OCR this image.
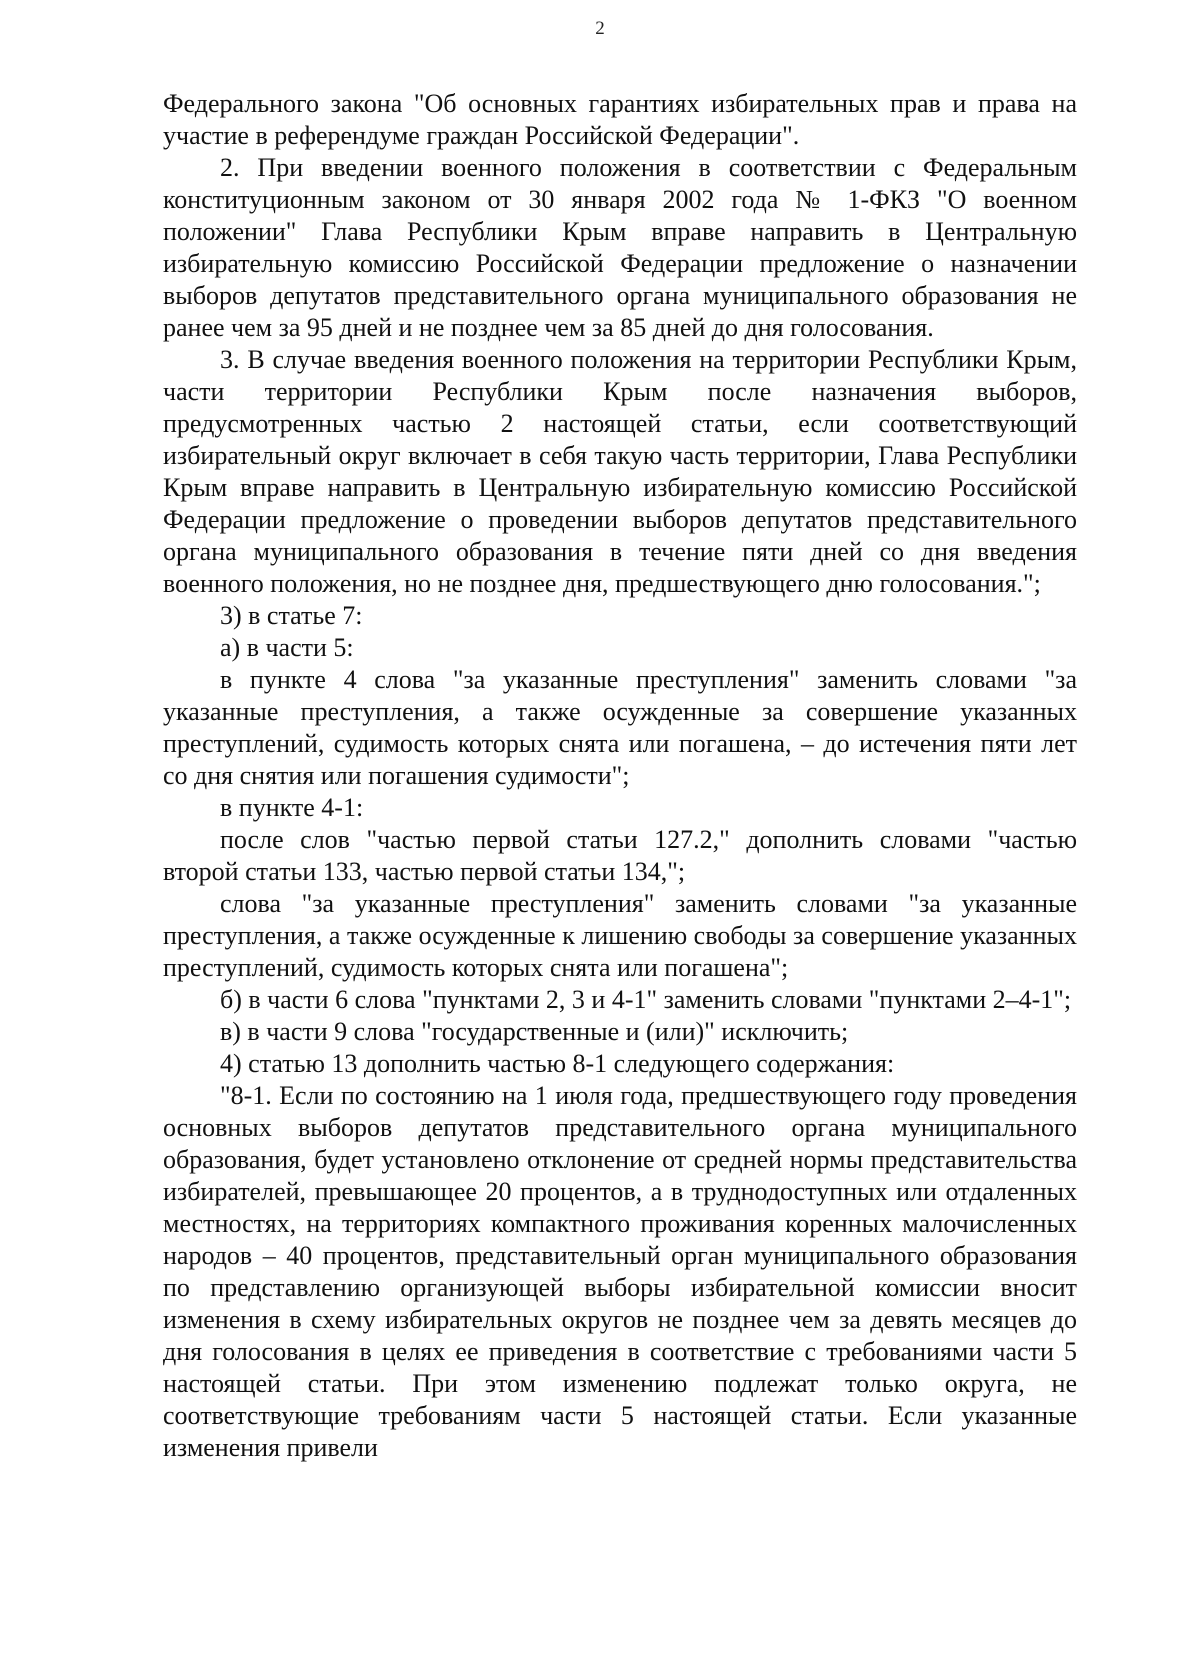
2

Федерального закона "Об основных гарантиях избирательных прав и права на участие в референдуме граждан Российской Федерации".

2. При введении военного положения в соответствии с Федеральным конституционным законом от 30 января 2002 года № 1-ФКЗ "О военном положении" Глава Республики Крым вправе направить в Центральную избирательную комиссию Российской Федерации предложение о назначении выборов депутатов представительного органа муниципального образования не ранее чем за 95 дней и не позднее чем за 85 дней до дня голосования.

3. В случае введения военного положения на территории Республики Крым, части территории Республики Крым после назначения выборов, предусмотренных частью 2 настоящей статьи, если соответствующий избирательный округ включает в себя такую часть территории, Глава Республики Крым вправе направить в Центральную избирательную комиссию Российской Федерации предложение о проведении выборов депутатов представительного органа муниципального образования в течение пяти дней со дня введения военного положения, но не позднее дня, предшествующего дню голосования.";

3) в статье 7:

а) в части 5:

в пункте 4 слова "за указанные преступления" заменить словами "за указанные преступления, а также осужденные за совершение указанных преступлений, судимость которых снята или погашена, – до истечения пяти лет со дня снятия или погашения судимости";

в пункте 4-1:

после слов "частью первой статьи 127.2," дополнить словами "частью второй статьи 133, частью первой статьи 134,";

слова "за указанные преступления" заменить словами "за указанные преступления, а также осужденные к лишению свободы за совершение указанных преступлений, судимость которых снята или погашена";

б) в части 6 слова "пунктами 2, 3 и 4-1" заменить словами "пунктами 2–4-1";

в) в части 9 слова "государственные и (или)" исключить;

4) статью 13 дополнить частью 8-1 следующего содержания:

"8-1. Если по состоянию на 1 июля года, предшествующего году проведения основных выборов депутатов представительного органа муниципального образования, будет установлено отклонение от средней нормы представительства избирателей, превышающее 20 процентов, а в труднодоступных или отдаленных местностях, на территориях компактного проживания коренных малочисленных народов – 40 процентов, представительный орган муниципального образования по представлению организующей выборы избирательной комиссии вносит изменения в схему избирательных округов не позднее чем за девять месяцев до дня голосования в целях ее приведения в соответствие с требованиями части 5 настоящей статьи. При этом изменению подлежат только округа, не соответствующие требованиям части 5 настоящей статьи. Если указанные изменения привели
